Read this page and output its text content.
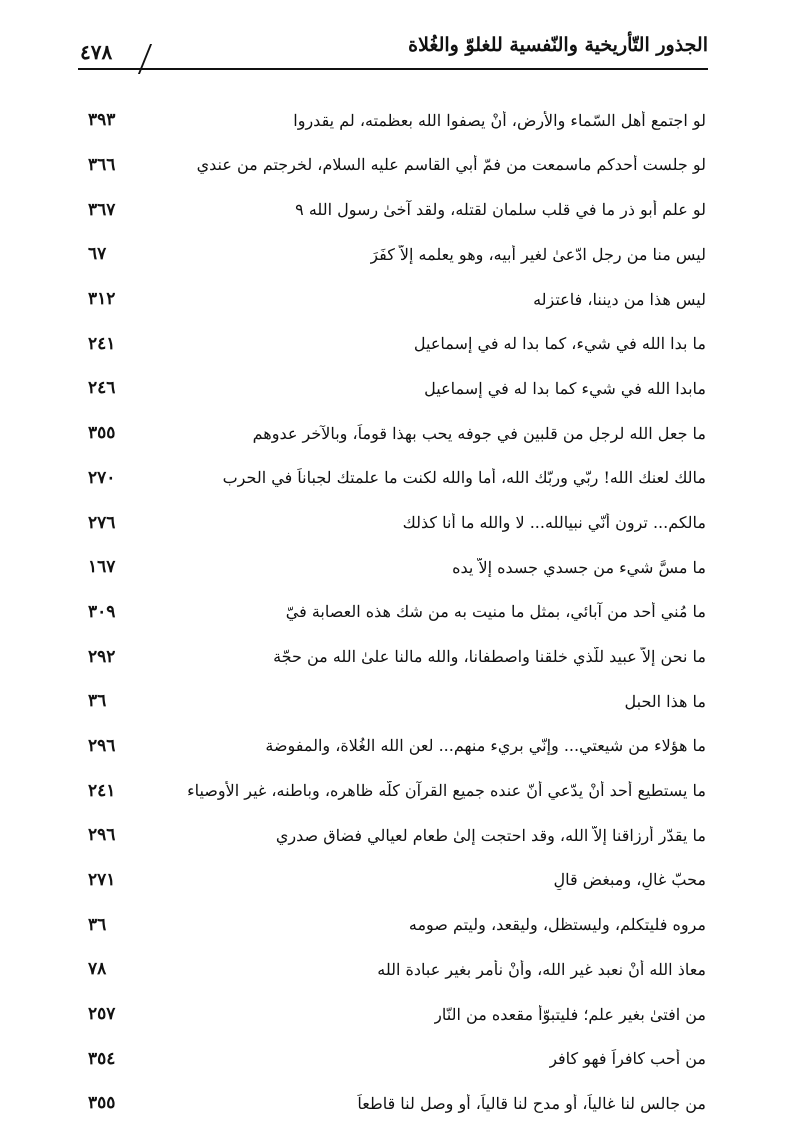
الجذور التّأريخية والنّفسية للغلوّ والغُلاة
٤٧٨
لو اجتمع أهل السّماء والأرض، أنْ يصفوا الله بعظمته، لم يقدروا
٣٩٣
لو جلست أحدكم ماسمعت من فمّ أبي القاسم عليه السلام، لخرجتم من عندي
٣٦٦
لو علم أبو ذر ما في قلب سلمان لقتله، ولقد آخىٰ رسول الله ٩
٣٦٧
ليس منا من رجل ادّعىٰ لغير أبيه، وهو يعلمه إلاّ كفَرَ
٦٧
ليس هذا من ديننا، فاعتزله
٣١٢
ما بدا الله في شيء، كما بدا له في إسماعيل
٢٤١
مابدا الله في شيء كما بدا له في إسماعيل
٢٤٦
ما جعل الله لرجلٍ من قلبين في جوفه يحب بهذا قوماً، وبالآخر عدوهم
٣٥٥
مالك لعنك الله! ربّي وربّك الله، أما والله لكنت ما علمتك لجباناً في الحرب
٢٧٠
مالكم... ترون أنّي نبيالله... لا والله ما أنا كذلك
٢٧٦
ما مسَّ شيء من جسدي جسده إلاّ يده
١٦٧
ما مُني أحد من آبائي، بمثل ما منيت به من شك هذه العصابة فيّ
٣٠٩
ما نحن إلاّ عبيد للّذي خلقنا واصطفانا، والله مالنا علىٰ الله من حجّة
٢٩٢
ما هذا الحبل
٣٦
ما هؤلاء من شيعتي... وإنّي بريء منهم... لعن الله الغُلاة، والمفوضة
٢٩٦
ما يستطيع أحد أنْ يدّعي أنّ عنده جميع القرآن كلّه ظاهره، وباطنه، غير الأوصياء
٢٤١
ما يقدّر أرزاقنا إلاّ الله، وقد احتجت إلىٰ طعام لعيالي فضاق صدري
٢٩٦
محبّ غالٍ، ومبغض قالٍ
٢٧١
مروه فليتكلم، وليستظل، وليقعد، وليتم صومه
٣٦
معاذ الله أنْ نعبد غير الله، وأنْ نأمر بغير عبادة الله
٧٨
من افتىٰ بغير علم؛ فليتبوّأ مقعده من النّار
٢٥٧
من أحب كافراً فهو كافر
٣٥٤
من جالس لنا غالياً، أو مدح لنا قالياً، أو وصل لنا قاطعاً
٣٥٥
